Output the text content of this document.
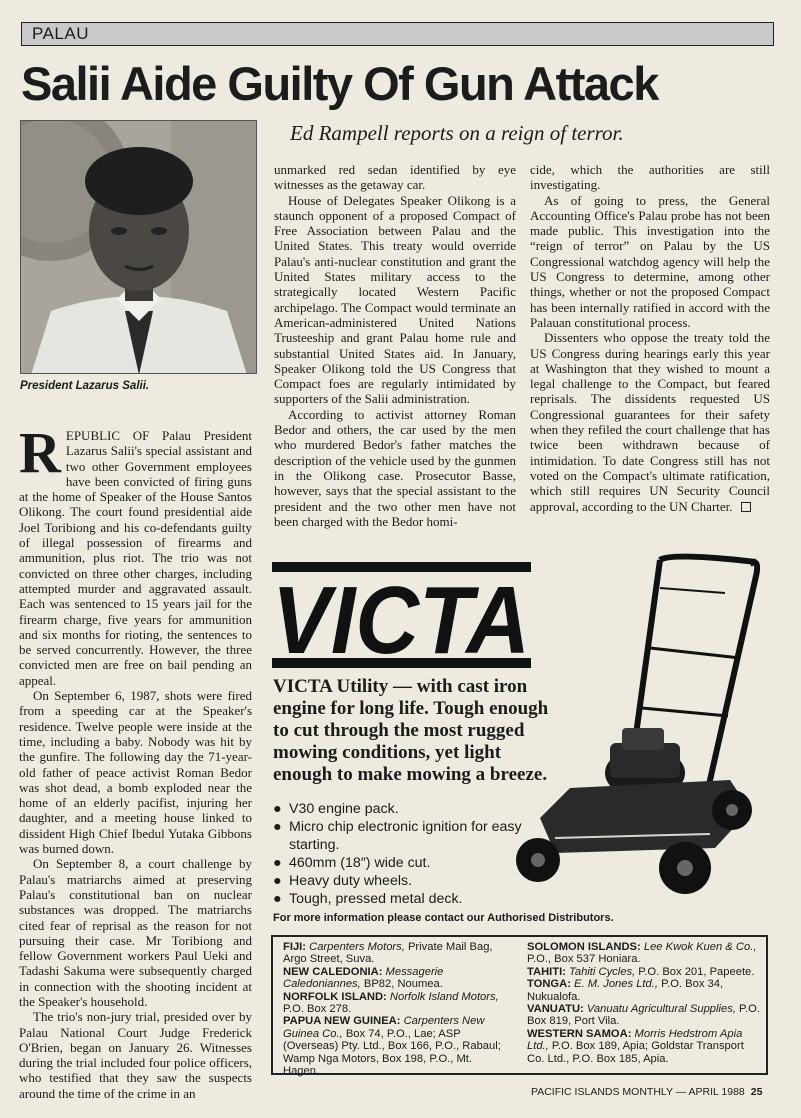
PALAU
Salii Aide Guilty Of Gun Attack
President Lazarus Salii.
Ed Rampell reports on a reign of terror.

REPUBLIC OF Palau President Lazarus Salii's special assistant and two other Government employees have been convicted of firing guns at the home of Speaker of the House Santos Olikong. The court found presidential aide Joel Toribiong and his co-defendants guilty of illegal possession of firearms and ammunition, plus riot. The trio was not convicted on three other charges, including attempted murder and aggravated assault. Each was sentenced to 15 years jail for the firearm charge, five years for ammunition and six months for rioting, the sentences to be served concurrently. However, the three convicted men are free on bail pending an appeal.

On September 6, 1987, shots were fired from a speeding car at the Speaker's residence. Twelve people were inside at the time, including a baby. Nobody was hit by the gunfire. The following day the 71-year-old father of peace activist Roman Bedor was shot dead, a bomb exploded near the home of an elderly pacifist, injuring her daughter, and a meeting house linked to dissident High Chief Ibedul Yutaka Gibbons was burned down.

On September 8, a court challenge by Palau's matriarchs aimed at preserving Palau's constitutional ban on nuclear substances was dropped. The matriarchs cited fear of reprisal as the reason for not pursuing their case. Mr Toribiong and fellow Government workers Paul Ueki and Tadashi Sakuma were subsequently charged in connection with the shooting incident at the Speaker's household.

The trio's non-jury trial, presided over by Palau National Court Judge Frederick O'Brien, began on January 26. Witnesses during the trial included four police officers, who testified that they saw the suspects around the time of the crime in an

unmarked red sedan identified by eye witnesses as the getaway car.

House of Delegates Speaker Olikong is a staunch opponent of a proposed Compact of Free Association between Palau and the United States. This treaty would override Palau's anti-nuclear constitution and grant the United States military access to the strategically located Western Pacific archipelago. The Compact would terminate an American-administered United Nations Trusteeship and grant Palau home rule and substantial United States aid. In January, Speaker Olikong told the US Congress that Compact foes are regularly intimidated by supporters of the Salii administration.

According to activist attorney Roman Bedor and others, the car used by the men who murdered Bedor's father matches the description of the vehicle used by the gunmen in the Olikong case. Prosecutor Basse, however, says that the special assistant to the president and the two other men have not been charged with the Bedor homi-

cide, which the authorities are still investigating.

As of going to press, the General Accounting Office's Palau probe has not been made public. This investigation into the “reign of terror” on Palau by the US Congressional watchdog agency will help the US Congress to determine, among other things, whether or not the proposed Compact has been internally ratified in accord with the Palauan constitutional process.

Dissenters who oppose the treaty told the US Congress during hearings early this year at Washington that they wished to mount a legal challenge to the Compact, but feared reprisals. The dissidents requested US Congressional guarantees for their safety when they refiled the court challenge that has twice been withdrawn because of intimidation. To date Congress still has not voted on the Compact's ultimate ratification, which still requires UN Security Council approval, according to the UN Charter.

VICTA
VICTA Utility — with cast iron engine for long life. Tough enough to cut through the most rugged mowing conditions, yet light enough to make mowing a breeze.
● V30 engine pack.
● Micro chip electronic ignition for easy starting.
● 460mm (18″) wide cut.
● Heavy duty wheels.
● Tough, pressed metal deck.
For more information please contact our Authorised Distributors.
FIJI: Carpenters Motors, Private Mail Bag, Argo Street, Suva.
NEW CALEDONIA: Messagerie Caledoniannes, BP82, Noumea.
NORFOLK ISLAND: Norfolk Island Motors, P.O. Box 278.
PAPUA NEW GUINEA: Carpenters New Guinea Co., Box 74, P.O., Lae; ASP (Overseas) Pty. Ltd., Box 166, P.O., Rabaul; Wamp Nga Motors, Box 198, P.O., Mt. Hagen.
SOLOMON ISLANDS: Lee Kwok Kuen & Co., P.O., Box 537 Honiara.
TAHITI: Tahiti Cycles, P.O. Box 201, Papeete.
TONGA: E. M. Jones Ltd., P.O. Box 34, Nukualofa.
VANUATU: Vanuatu Agricultural Supplies, P.O. Box 819, Port Vila.
WESTERN SAMOA: Morris Hedstrom Apia Ltd., P.O. Box 189, Apia; Goldstar Transport Co. Ltd., P.O. Box 185, Apia.
PACIFIC ISLANDS MONTHLY — APRIL 1988 25
